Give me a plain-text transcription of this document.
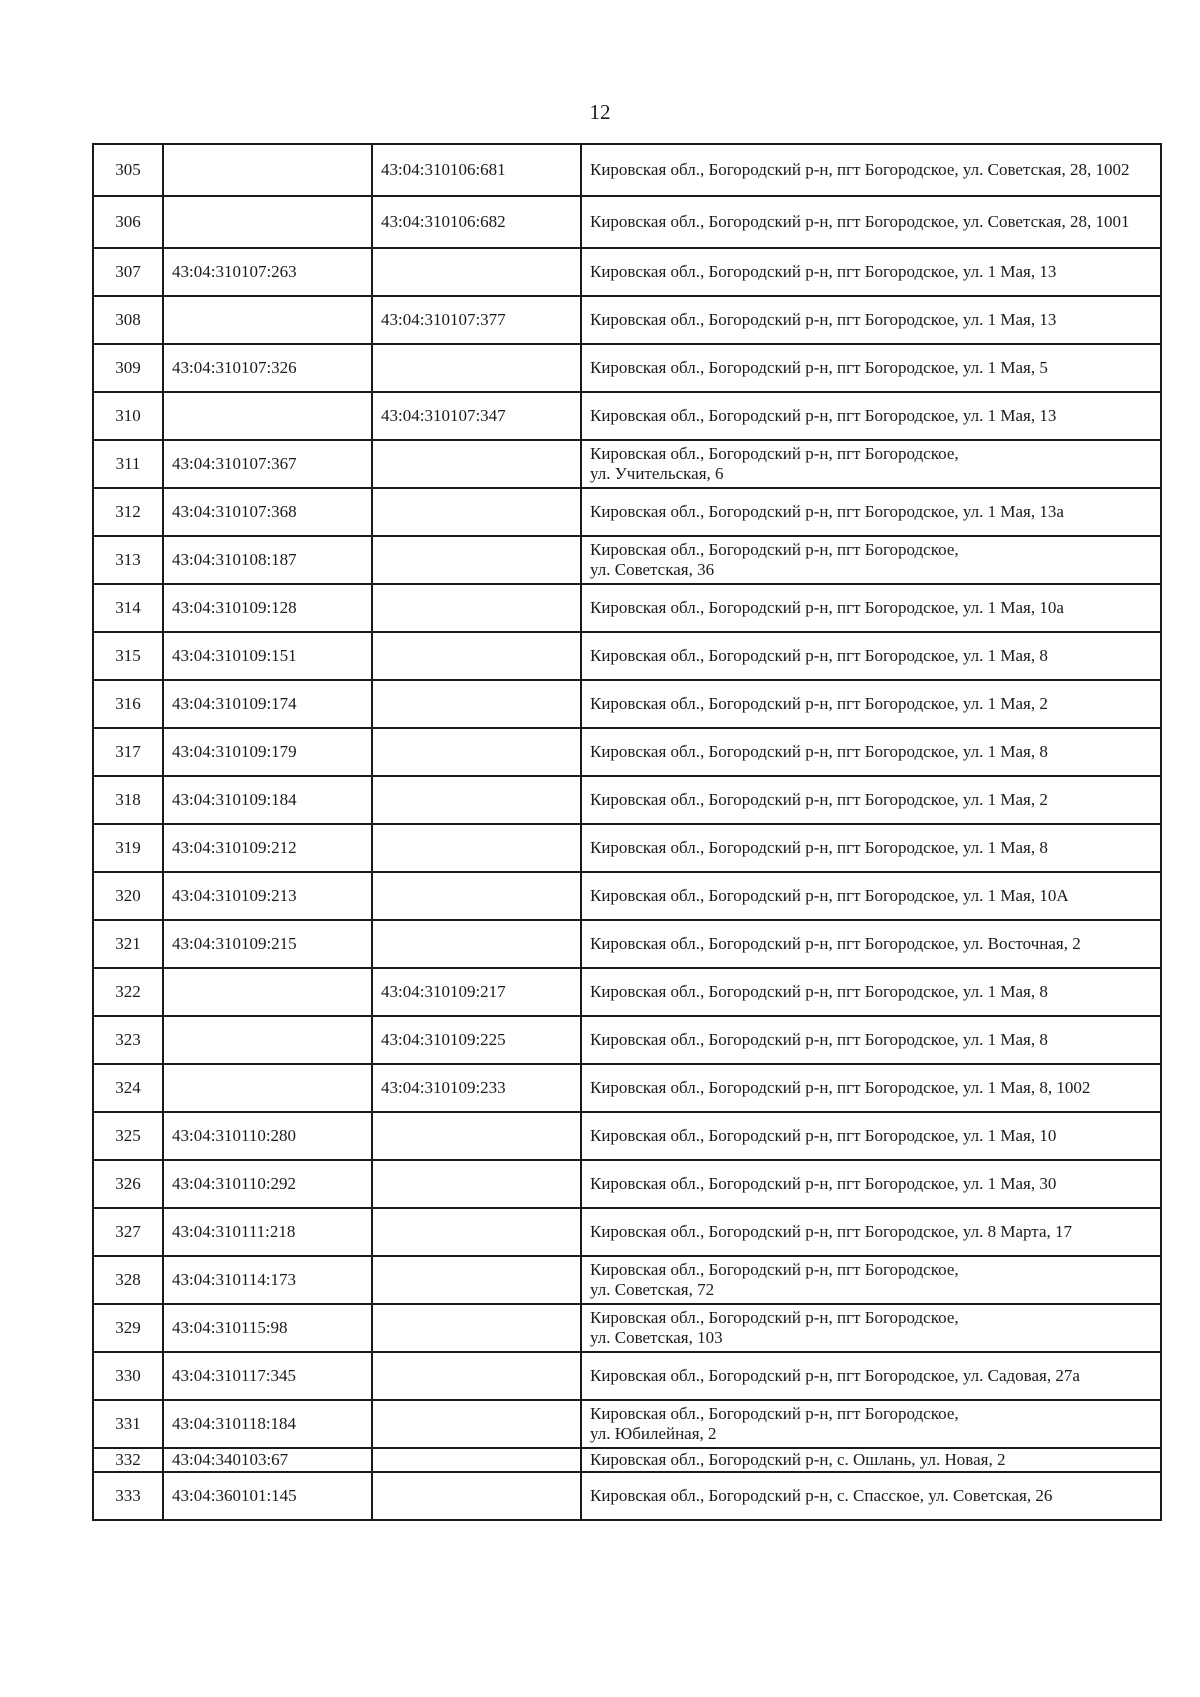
12
305		43:04:310106:681	Кировская обл., Богородский р-н, пгт Богородское, ул. Советская, 28, 1002

306		43:04:310106:682	Кировская обл., Богородский р-н, пгт Богородское, ул. Советская, 28, 1001

307	43:04:310107:263		Кировская обл., Богородский р-н, пгт Богородское, ул. 1 Мая, 13

308		43:04:310107:377	Кировская обл., Богородский р-н, пгт Богородское, ул. 1 Мая, 13

309	43:04:310107:326		Кировская обл., Богородский р-н, пгт Богородское, ул. 1 Мая, 5

310		43:04:310107:347	Кировская обл., Богородский р-н, пгт Богородское, ул. 1 Мая, 13

311	43:04:310107:367		Кировская обл., Богородский р-н, пгт Богородское,
ул. Учительская, 6

312	43:04:310107:368		Кировская обл., Богородский р-н, пгт Богородское, ул. 1 Мая, 13а

313	43:04:310108:187		Кировская обл., Богородский р-н, пгт Богородское,
ул. Советская, 36

314	43:04:310109:128		Кировская обл., Богородский р-н, пгт Богородское, ул. 1 Мая, 10а

315	43:04:310109:151		Кировская обл., Богородский р-н, пгт Богородское, ул. 1 Мая, 8

316	43:04:310109:174		Кировская обл., Богородский р-н, пгт Богородское, ул. 1 Мая, 2

317	43:04:310109:179		Кировская обл., Богородский р-н, пгт Богородское, ул. 1 Мая, 8

318	43:04:310109:184		Кировская обл., Богородский р-н, пгт Богородское, ул. 1 Мая, 2

319	43:04:310109:212		Кировская обл., Богородский р-н, пгт Богородское, ул. 1 Мая, 8

320	43:04:310109:213		Кировская обл., Богородский р-н, пгт Богородское, ул. 1 Мая, 10А

321	43:04:310109:215		Кировская обл., Богородский р-н, пгт Богородское, ул. Восточная, 2

322		43:04:310109:217	Кировская обл., Богородский р-н, пгт Богородское, ул. 1 Мая, 8

323		43:04:310109:225	Кировская обл., Богородский р-н, пгт Богородское, ул. 1 Мая, 8

324		43:04:310109:233	Кировская обл., Богородский р-н, пгт Богородское, ул. 1 Мая, 8, 1002

325	43:04:310110:280		Кировская обл., Богородский р-н, пгт Богородское, ул. 1 Мая, 10

326	43:04:310110:292		Кировская обл., Богородский р-н, пгт Богородское, ул. 1 Мая, 30

327	43:04:310111:218		Кировская обл., Богородский р-н, пгт Богородское, ул. 8 Марта, 17

328	43:04:310114:173		Кировская обл., Богородский р-н, пгт Богородское,
ул. Советская, 72

329	43:04:310115:98		Кировская обл., Богородский р-н, пгт Богородское,
ул. Советская, 103

330	43:04:310117:345		Кировская обл., Богородский р-н, пгт Богородское, ул. Садовая, 27а

331	43:04:310118:184		Кировская обл., Богородский р-н, пгт Богородское,
ул. Юбилейная, 2

332	43:04:340103:67		Кировская обл., Богородский р-н, с. Ошлань, ул. Новая, 2

333	43:04:360101:145		Кировская обл., Богородский р-н, с. Спасское, ул. Советская, 26
